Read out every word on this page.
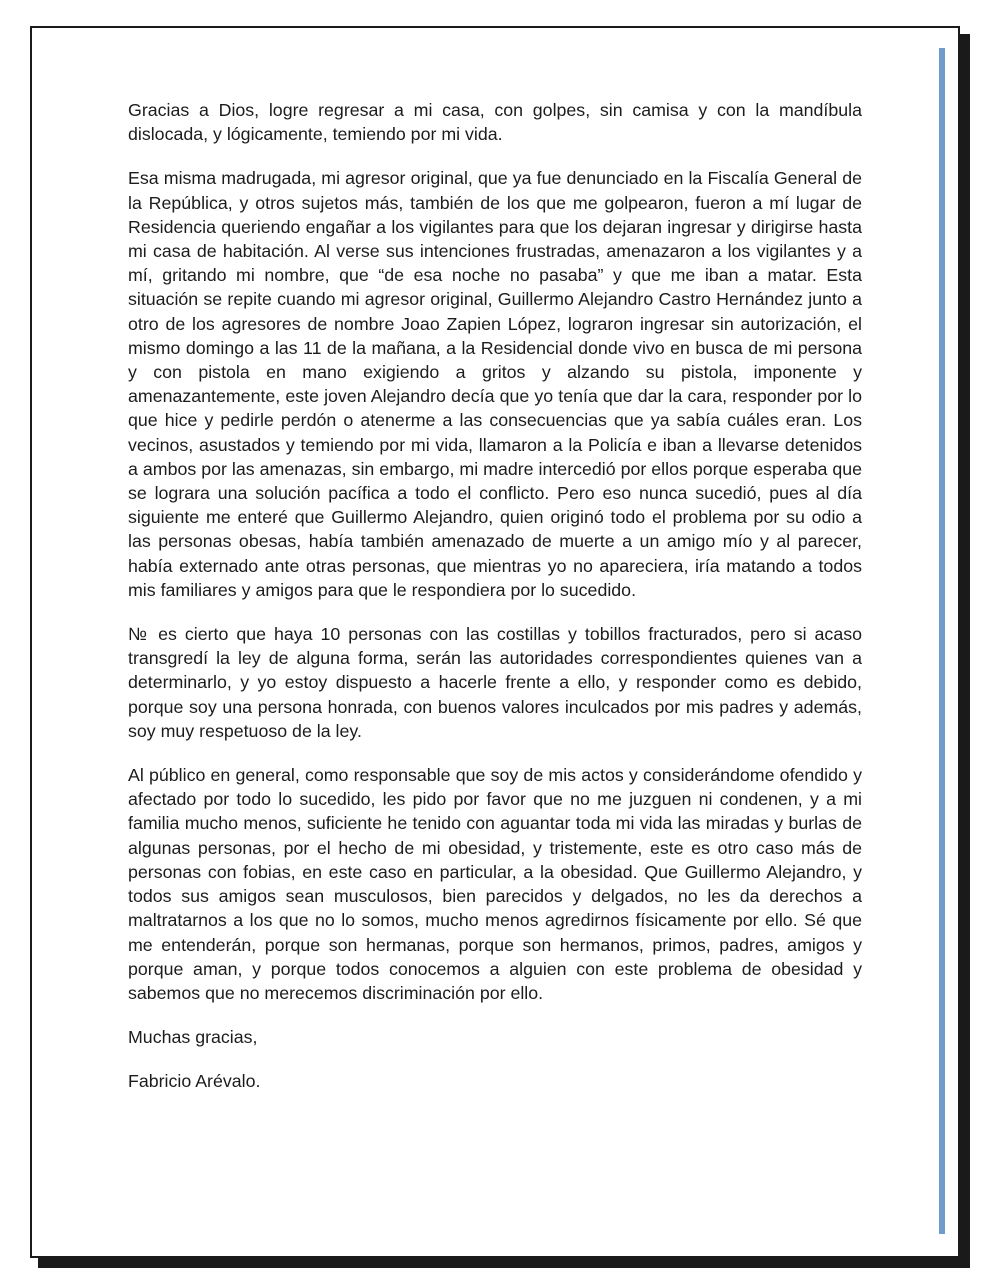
Gracias a Dios, logre regresar a mi casa, con golpes, sin camisa y con la mandíbula dislocada, y lógicamente, temiendo por mi vida.

Esa misma madrugada, mi agresor original, que ya fue denunciado en la Fiscalía General de la República, y otros sujetos más, también de los que me golpearon, fueron a mí lugar de Residencia queriendo engañar a los vigilantes para que los dejaran ingresar y dirigirse hasta mi casa de habitación. Al verse sus intenciones frustradas, amenazaron a los vigilantes y a mí, gritando mi nombre, que “de esa noche no pasaba” y que me iban a matar. Esta situación se repite cuando mi agresor original, Guillermo Alejandro Castro Hernández junto a otro de los agresores de nombre Joao Zapien López, lograron ingresar sin autorización, el mismo domingo a las 11 de la mañana, a la Residencial donde vivo en busca de mi persona y con pistola en mano exigiendo a gritos y alzando su pistola, imponente y amenazantemente, este joven Alejandro decía que yo tenía que dar la cara, responder por lo que hice y pedirle perdón o atenerme a las consecuencias que ya sabía cuáles eran. Los vecinos, asustados y temiendo por mi vida, llamaron a la Policía e iban a llevarse detenidos a ambos por las amenazas, sin embargo, mi madre intercedió por ellos porque esperaba que se lograra una solución pacífica a todo el conflicto. Pero eso nunca sucedió, pues al día siguiente me enteré que Guillermo Alejandro, quien originó todo el problema por su odio a las personas obesas, había también amenazado de muerte a un amigo mío y al parecer, había externado ante otras personas, que mientras yo no apareciera, iría matando a todos mis familiares y amigos para que le respondiera por lo sucedido.

№ es cierto que haya 10 personas con las costillas y tobillos fracturados, pero si acaso transgredí la ley de alguna forma, serán las autoridades correspondientes quienes van a determinarlo, y yo estoy dispuesto a hacerle frente a ello, y responder como es debido, porque soy una persona honrada, con buenos valores inculcados por mis padres y además, soy muy respetuoso de la ley.

Al público en general, como responsable que soy de mis actos y considerándome ofendido y afectado por todo lo sucedido, les pido por favor que no me juzguen ni condenen, y a mi familia mucho menos, suficiente he tenido con aguantar toda mi vida las miradas y burlas de algunas personas, por el hecho de mi obesidad, y tristemente, este es otro caso más de personas con fobias, en este caso en particular, a la obesidad. Que Guillermo Alejandro, y todos sus amigos sean musculosos, bien parecidos y delgados, no les da derechos a maltratarnos a los que no lo somos, mucho menos agredirnos físicamente por ello. Sé que me entenderán, porque son hermanas, porque son hermanos, primos, padres, amigos y porque aman, y porque todos conocemos a alguien con este problema de obesidad y sabemos que no merecemos discriminación por ello.

Muchas gracias,

Fabricio Arévalo.
